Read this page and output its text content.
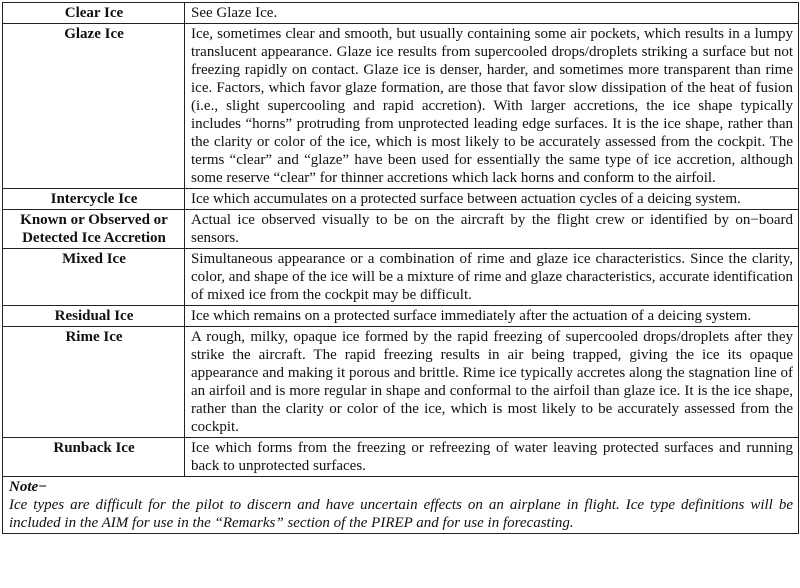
Clear Ice	See Glaze Ice.
Glaze Ice	Ice, sometimes clear and smooth, but usually containing some air pockets, which results in a lumpy translucent appearance. Glaze ice results from supercooled drops/droplets striking a surface but not freezing rapidly on contact. Glaze ice is denser, harder, and sometimes more transparent than rime ice. Factors, which favor glaze formation, are those that favor slow dissipation of the heat of fusion (i.e., slight supercooling and rapid accretion). With larger accretions, the ice shape typically includes “horns” protruding from unprotected leading edge surfaces. It is the ice shape, rather than the clarity or color of the ice, which is most likely to be accurately assessed from the cockpit. The terms “clear” and “glaze” have been used for essentially the same type of ice accretion, although some reserve “clear” for thinner accretions which lack horns and conform to the airfoil.
Intercycle Ice	Ice which accumulates on a protected surface between actuation cycles of a deicing system.
Known or Observed or Detected Ice Accretion	Actual ice observed visually to be on the aircraft by the flight crew or identified by on−board sensors.
Mixed Ice	Simultaneous appearance or a combination of rime and glaze ice characteristics. Since the clarity, color, and shape of the ice will be a mixture of rime and glaze characteristics, accurate identification of mixed ice from the cockpit may be difficult.
Residual Ice	Ice which remains on a protected surface immediately after the actuation of a deicing system.
Rime Ice	A rough, milky, opaque ice formed by the rapid freezing of supercooled drops/droplets after they strike the aircraft. The rapid freezing results in air being trapped, giving the ice its opaque appearance and making it porous and brittle. Rime ice typically accretes along the stagnation line of an airfoil and is more regular in shape and conformal to the airfoil than glaze ice. It is the ice shape, rather than the clarity or color of the ice, which is most likely to be accurately assessed from the cockpit.
Runback Ice	Ice which forms from the freezing or refreezing of water leaving protected surfaces and running back to unprotected surfaces.

Note−
Ice types are difficult for the pilot to discern and have uncertain effects on an airplane in flight. Ice type definitions will be included in the AIM for use in the “Remarks” section of the PIREP and for use in forecasting.	
